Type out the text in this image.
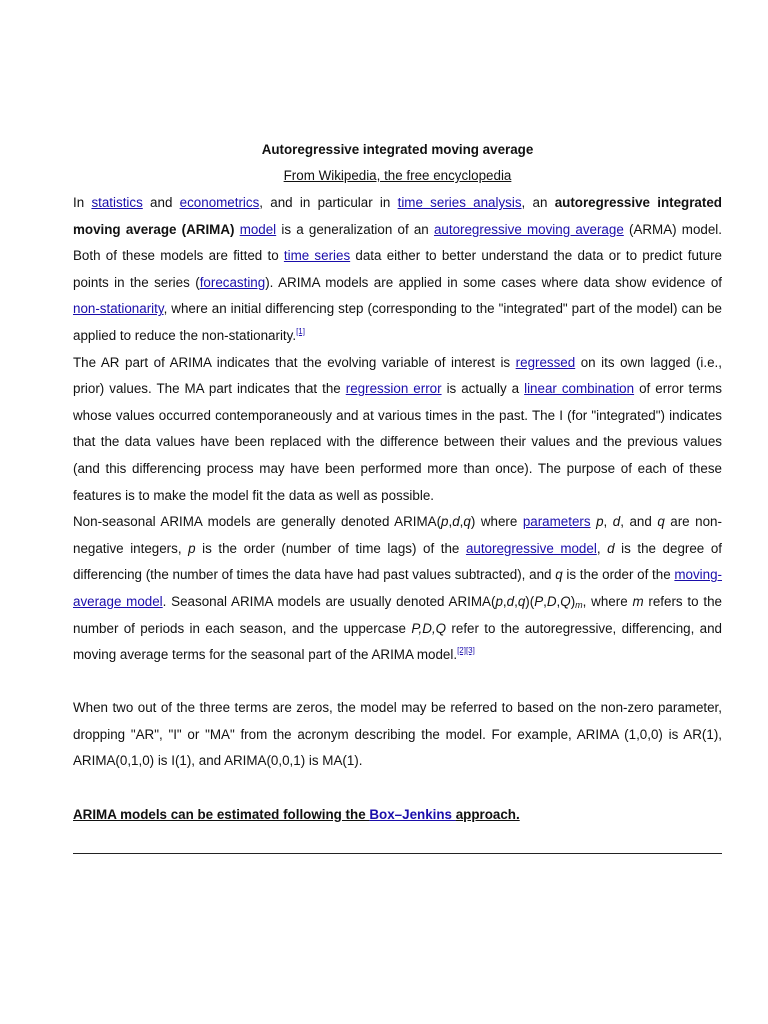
Autoregressive integrated moving average

From Wikipedia, the free encyclopedia

In statistics and econometrics, and in particular in time series analysis, an autoregressive integrated moving average (ARIMA) model is a generalization of an autoregressive moving average (ARMA) model. Both of these models are fitted to time series data either to better understand the data or to predict future points in the series (forecasting). ARIMA models are applied in some cases where data show evidence of non-stationarity, where an initial differencing step (corresponding to the "integrated" part of the model) can be applied to reduce the non-stationarity.[1]

The AR part of ARIMA indicates that the evolving variable of interest is regressed on its own lagged (i.e., prior) values. The MA part indicates that the regression error is actually a linear combination of error terms whose values occurred contemporaneously and at various times in the past. The I (for "integrated") indicates that the data values have been replaced with the difference between their values and the previous values (and this differencing process may have been performed more than once). The purpose of each of these features is to make the model fit the data as well as possible.

Non-seasonal ARIMA models are generally denoted ARIMA(p,d,q) where parameters p, d, and q are non-negative integers, p is the order (number of time lags) of the autoregressive model, d is the degree of differencing (the number of times the data have had past values subtracted), and q is the order of the moving-average model. Seasonal ARIMA models are usually denoted $ARIMA(p,d,q)(P,D,Q)_m$, where m refers to the number of periods in each season, and the uppercase P,D,Q refer to the autoregressive, differencing, and moving average terms for the seasonal part of the ARIMA model.[2][3]

When two out of the three terms are zeros, the model may be referred to based on the non-zero parameter, dropping "AR", "I" or "MA" from the acronym describing the model. For example, ARIMA (1,0,0) is AR(1), ARIMA(0,1,0) is I(1), and ARIMA(0,0,1) is MA(1).

ARIMA models can be estimated following the Box–Jenkins approach.
